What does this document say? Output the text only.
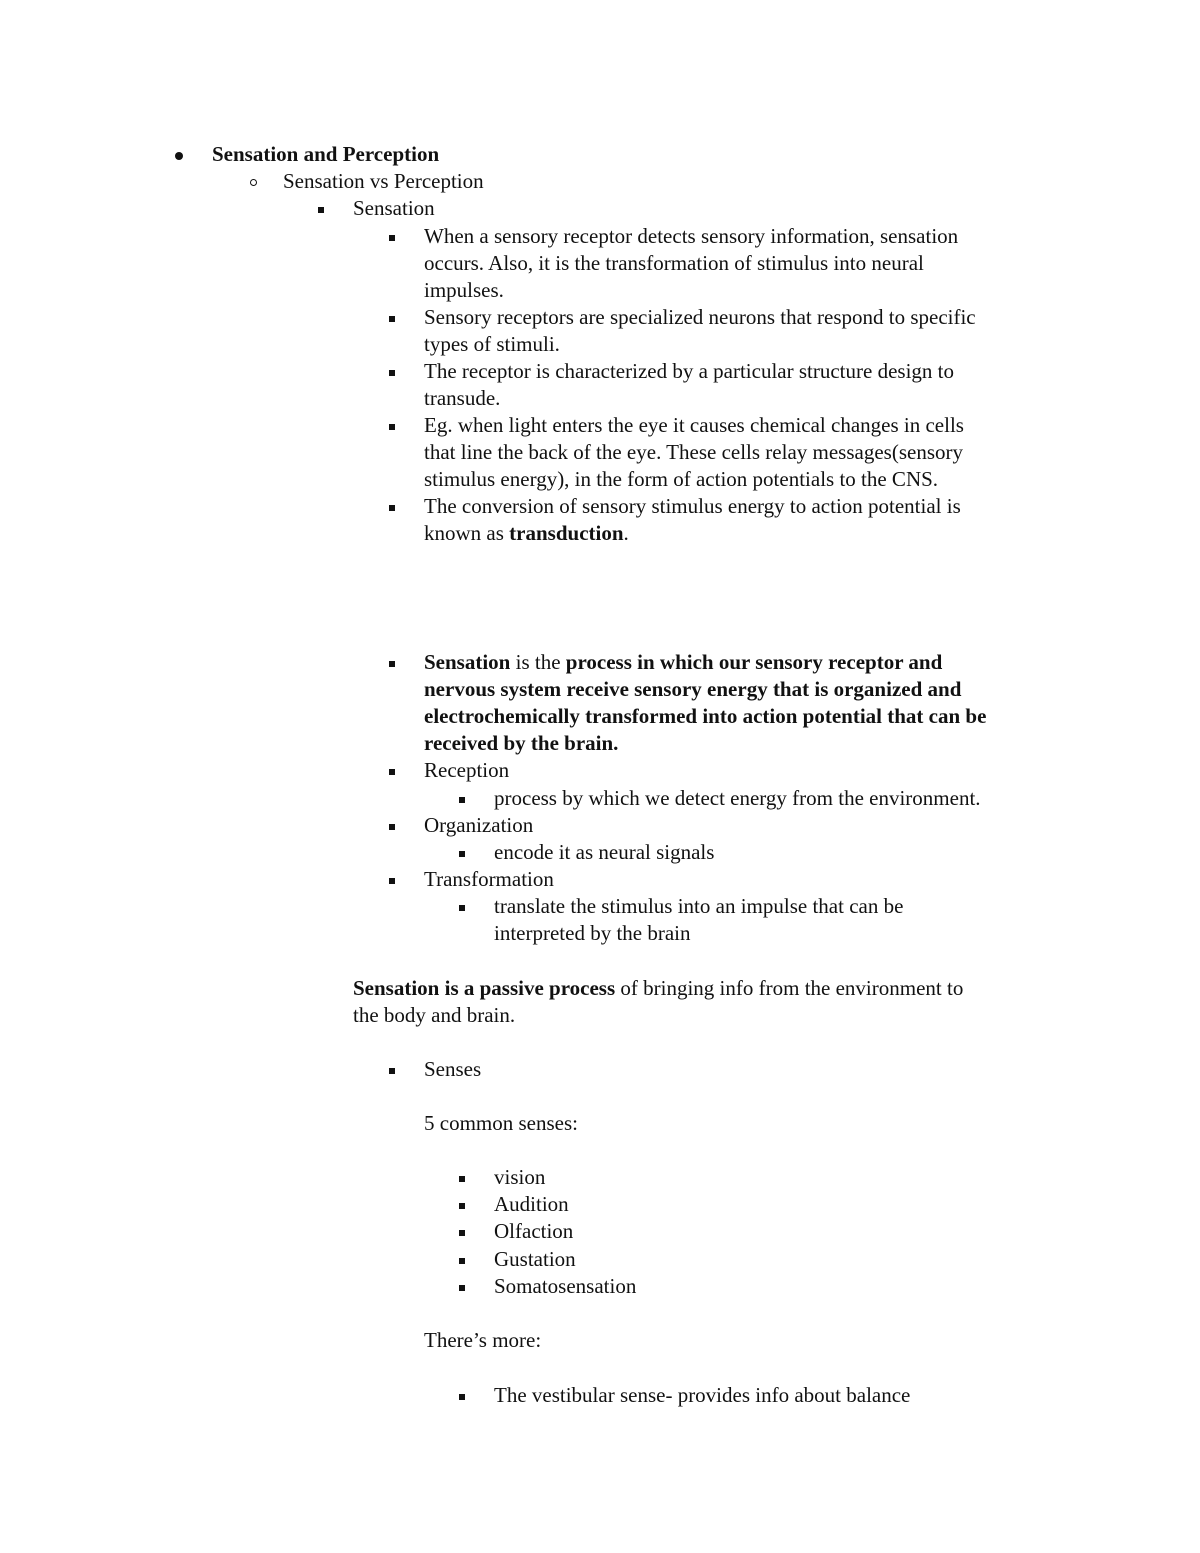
Sensation and Perception
Sensation vs Perception
Sensation
When a sensory receptor detects sensory information, sensation
occurs. Also, it is the transformation of stimulus into neural
impulses.
Sensory receptors are specialized neurons that respond to specific
types of stimuli.
The receptor is characterized by a particular structure design to
transude.
Eg. when light enters the eye it causes chemical changes in cells
that line the back of the eye. These cells relay messages(sensory
stimulus energy), in the form of action potentials to the CNS.
The conversion of sensory stimulus energy to action potential is
known as transduction.
Sensation is the process in which our sensory receptor and
nervous system receive sensory energy that is organized and
electrochemically transformed into action potential that can be
received by the brain.
Reception
process by which we detect energy from the environment.
Organization
encode it as neural signals
Transformation
translate the stimulus into an impulse that can be
interpreted by the brain
Sensation is a passive process of bringing info from the environment to
the body and brain.
Senses
5 common senses:
vision
Audition
Olfaction
Gustation
Somatosensation
There’s more:
The vestibular sense- provides info about balance
